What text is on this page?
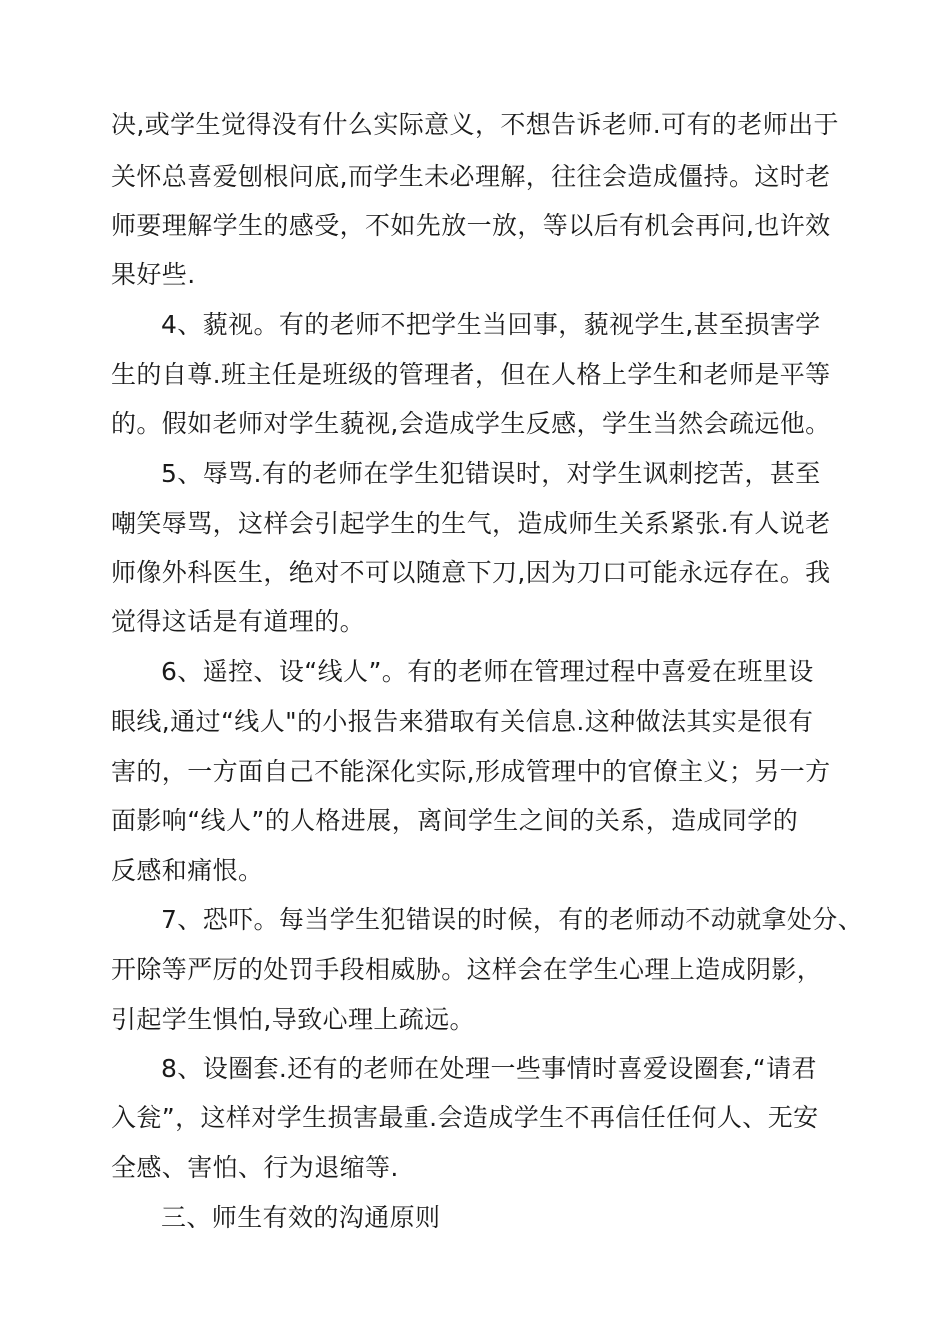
决,或学生觉得没有什么实际意义，不想告诉老师.可有的老师出于
关怀总喜爱刨根问底,而学生未必理解，往往会造成僵持。这时老
师要理解学生的感受，不如先放一放，等以后有机会再问,也许效
果好些.
4、藐视。有的老师不把学生当回事，藐视学生,甚至损害学
生的自尊.班主任是班级的管理者，但在人格上学生和老师是平等
的。假如老师对学生藐视,会造成学生反感，学生当然会疏远他。
5、辱骂.有的老师在学生犯错误时，对学生讽刺挖苦，甚至
嘲笑辱骂，这样会引起学生的生气，造成师生关系紧张.有人说老
师像外科医生，绝对不可以随意下刀,因为刀口可能永远存在。我
觉得这话是有道理的。
6、遥控、设“线人”。有的老师在管理过程中喜爱在班里设
眼线,通过“线人"的小报告来猎取有关信息.这种做法其实是很有
害的，一方面自己不能深化实际,形成管理中的官僚主义；另一方
面影响“线人”的人格进展，离间学生之间的关系，造成同学的
反感和痛恨。
7、恐吓。每当学生犯错误的时候，有的老师动不动就拿处分、
开除等严厉的处罚手段相威胁。这样会在学生心理上造成阴影，
引起学生惧怕,导致心理上疏远。
8、设圈套.还有的老师在处理一些事情时喜爱设圈套,“请君
入瓮”，这样对学生损害最重.会造成学生不再信任任何人、无安
全感、害怕、行为退缩等.
三、师生有效的沟通原则
